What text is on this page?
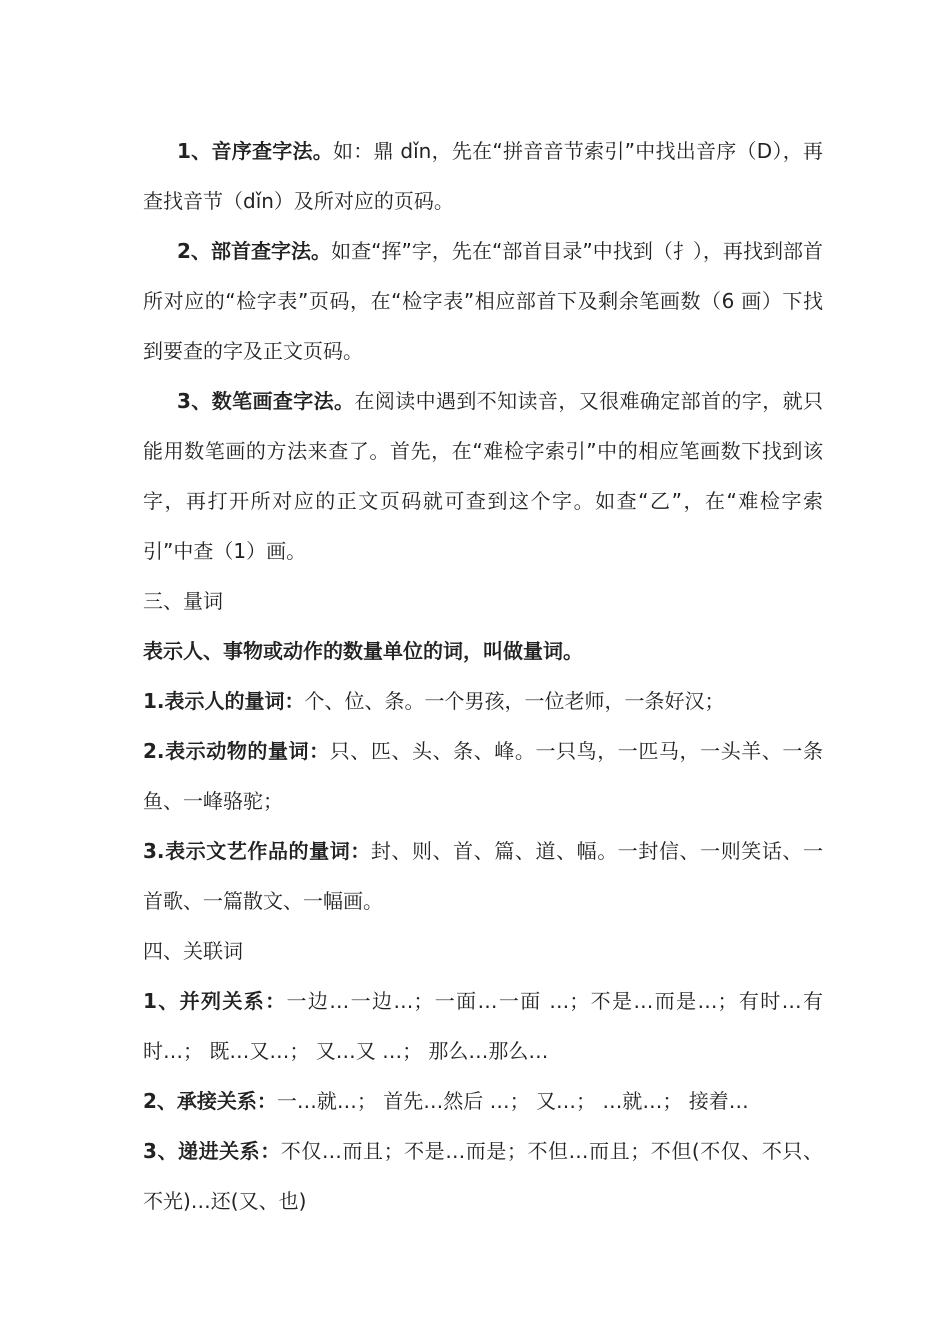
1、音序查字法。如：鼎 dǐn，先在“拼音音节索引”中找出音序（D），再查找音节（dǐn）及所对应的页码。

2、部首查字法。如查“挥”字，先在“部首目录”中找到（扌），再找到部首所对应的“检字表”页码，在“检字表”相应部首下及剩余笔画数（6 画）下找到要查的字及正文页码。

3、数笔画查字法。在阅读中遇到不知读音，又很难确定部首的字，就只能用数笔画的方法来查了。首先，在“难检字索引”中的相应笔画数下找到该字，再打开所对应的正文页码就可查到这个字。如查“乙”，在“难检字索引”中查（1）画。

三、量词

表示人、事物或动作的数量单位的词，叫做量词。

1.表示人的量词：个、位、条。一个男孩，一位老师，一条好汉；

2.表示动物的量词：只、匹、头、条、峰。一只鸟，一匹马，一头羊、一条鱼、一峰骆驼；

3.表示文艺作品的量词：封、则、首、篇、道、幅。一封信、一则笑话、一首歌、一篇散文、一幅画。

四、关联词

1、并列关系：一边…一边…；一面…一面 …；不是…而是…；有时…有时…； 既…又…； 又…又 …； 那么…那么…

2、承接关系：一…就…； 首先…然后 …； 又…； …就…； 接着…

3、递进关系：不仅…而且；不是…而是；不但…而且；不但(不仅、不只、不光)…还(又、也)
